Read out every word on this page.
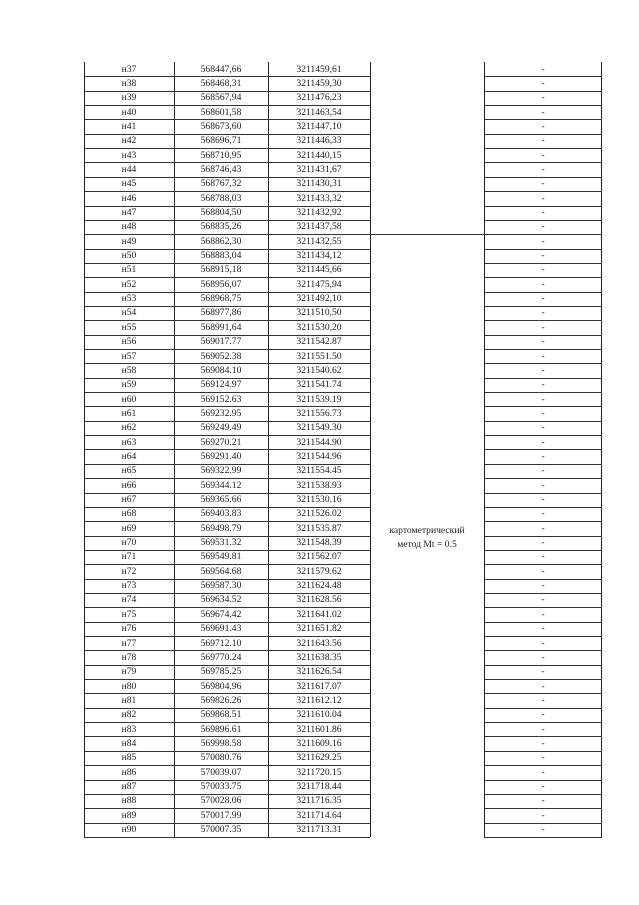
картометрический
метод Mt = 0.5
н37	568447,66	3211459,61	-
н38	568468,31	3211459,30	-
н39	568567,94	3211476,23	-
н40	568601,58	3211463,54	-
н41	568673,60	3211447,10	-
н42	568696,71	3211446,33	-
н43	568710,95	3211440,15	-
н44	568746,43	3211431,67	-
н45	568767,32	3211430,31	-
н46	568788,03	3211433,32	-
н47	568804,50	3211432,92	-
н48	568835,26	3211437,58	-
н49	568862,30	3211432,55	-
н50	568883,04	3211434,12	-
н51	568915,18	3211445,66	-
н52	568956,07	3211475,94	-
н53	568968,75	3211492,10	-
н54	568977,86	3211510,50	-
н55	568991,64	3211530,20	-
н56	569017.77	3211542.87	-
н57	569052.38	3211551.50	-
н58	569084.10	3211540.62	-
н59	569124.97	3211541.74	-
н60	569152.63	3211539.19	-
н61	569232.95	3211556.73	-
н62	569249.49	3211549.30	-
н63	569270.21	3211544.90	-
н64	569291.40	3211544.96	-
н65	569322.99	3211554.45	-
н66	569344.12	3211538.93	-
н67	569365.66	3211530.16	-
н68	569403.83	3211526.02	-
н69	569498.79	3211535.87	-
н70	569531.32	3211548.39	-
н71	569549.81	3211562.07	-
н72	569564.68	3211579.62	-
н73	569587.30	3211624.48	-
н74	569634.52	3211628.56	-
н75	569674.42	3211641.02	-
н76	569691.43	3211651.82	-
н77	569712.10	3211643.56	-
н78	569770.24	3211638.35	-
н79	569785.25	3211626.54	-
н80	569804.96	3211617.07	-
н81	569826.26	3211612.12	-
н82	569868.51	3211610.04	-
н83	569896.61	3211601.86	-
н84	569998.58	3211609.16	-
н85	570080.76	3211629.25	-
н86	570039.07	3211720.15	-
н87	570033.75	3211718.44	-
н88	570028.06	3211716.35	-
н89	570017.99	3211714.64	-
н90	570007.35	3211713.31	-
